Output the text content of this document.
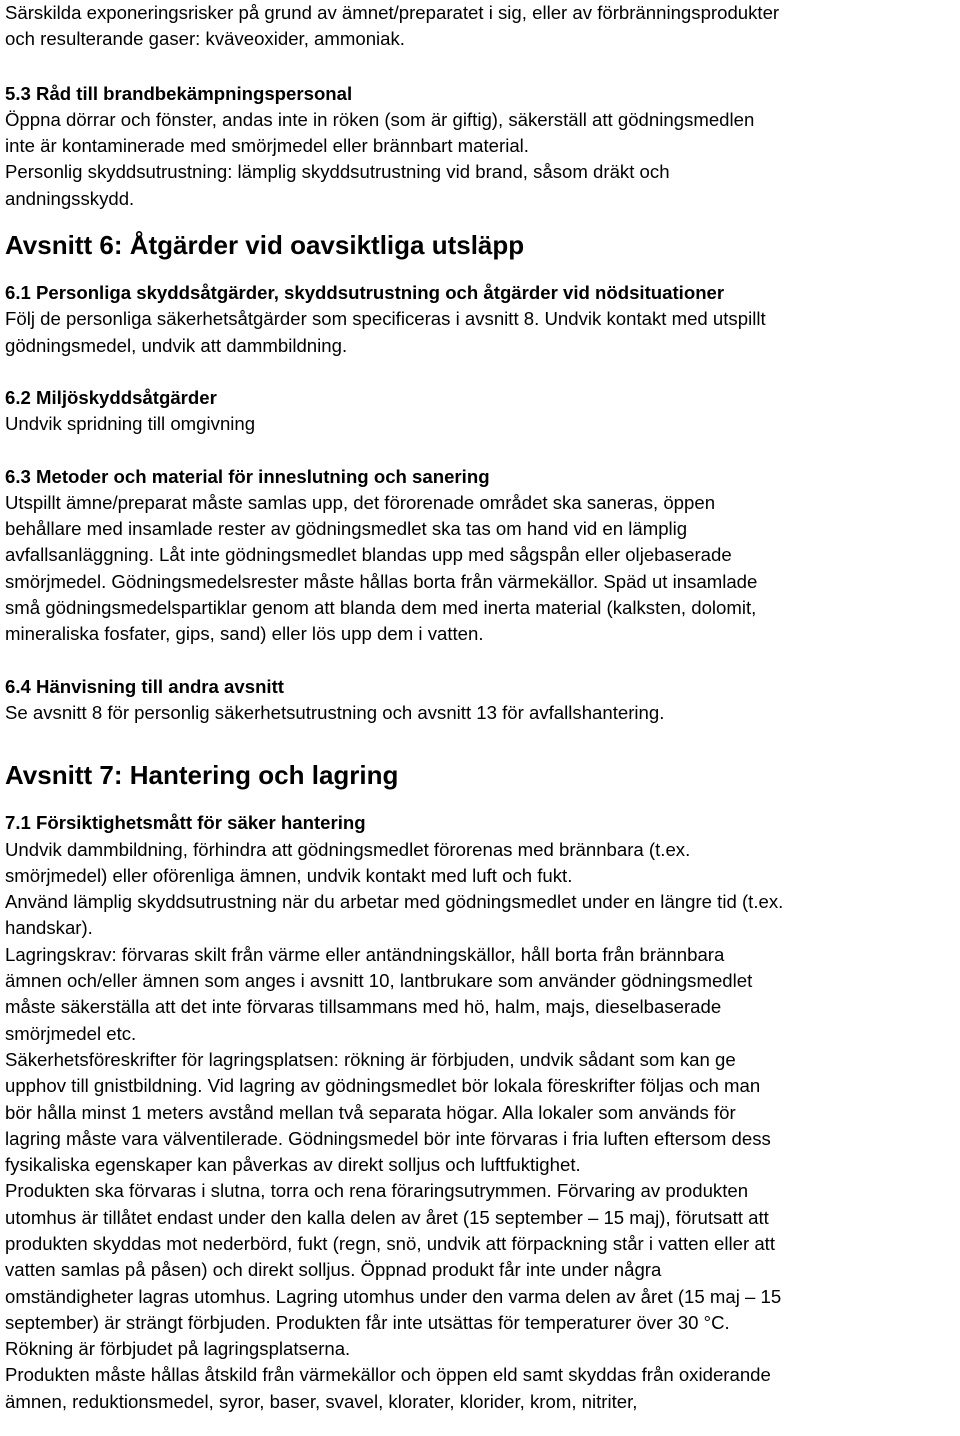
Särskilda exponeringsrisker på grund av ämnet/preparatet i sig, eller av förbränningsprodukter
och resulterande gaser: kväveoxider, ammoniak.

5.3 Råd till brandbekämpningspersonal

Öppna dörrar och fönster, andas inte in röken (som är giftig), säkerställ att gödningsmedlen
inte är kontaminerade med smörjmedel eller brännbart material.
Personlig skyddsutrustning: lämplig skyddsutrustning vid brand, såsom dräkt och
andningsskydd.

Avsnitt 6: Åtgärder vid oavsiktliga utsläpp

6.1 Personliga skyddsåtgärder, skyddsutrustning och åtgärder vid nödsituationer

Följ de personliga säkerhetsåtgärder som specificeras i avsnitt 8. Undvik kontakt med utspillt
gödningsmedel, undvik att dammbildning.

6.2 Miljöskyddsåtgärder

Undvik spridning till omgivning

6.3 Metoder och material för inneslutning och sanering

Utspillt ämne/preparat måste samlas upp, det förorenade området ska saneras, öppen
behållare med insamlade rester av gödningsmedlet ska tas om hand vid en lämplig
avfallsanläggning. Låt inte gödningsmedlet blandas upp med sågspån eller oljebaserade
smörjmedel. Gödningsmedelsrester måste hållas borta från värmekällor. Späd ut insamlade
små gödningsmedelspartiklar genom att blanda dem med inerta material (kalksten, dolomit,
mineraliska fosfater, gips, sand) eller lös upp dem i vatten.

6.4 Hänvisning till andra avsnitt

Se avsnitt 8 för personlig säkerhetsutrustning och avsnitt 13 för avfallshantering.

Avsnitt 7: Hantering och lagring

7.1 Försiktighetsmått för säker hantering

Undvik dammbildning, förhindra att gödningsmedlet förorenas med brännbara (t.ex.
smörjmedel) eller oförenliga ämnen, undvik kontakt med luft och fukt.
Använd lämplig skyddsutrustning när du arbetar med gödningsmedlet under en längre tid (t.ex.
handskar).
Lagringskrav: förvaras skilt från värme eller antändningskällor, håll borta från brännbara
ämnen och/eller ämnen som anges i avsnitt 10, lantbrukare som använder gödningsmedlet
måste säkerställa att det inte förvaras tillsammans med hö, halm, majs, dieselbaserade
smörjmedel etc.
Säkerhetsföreskrifter för lagringsplatsen: rökning är förbjuden, undvik sådant som kan ge
upphov till gnistbildning. Vid lagring av gödningsmedlet bör lokala föreskrifter följas och man
bör hålla minst 1 meters avstånd mellan två separata högar. Alla lokaler som används för
lagring måste vara välventilerade. Gödningsmedel bör inte förvaras i fria luften eftersom dess
fysikaliska egenskaper kan påverkas av direkt solljus och luftfuktighet.
Produkten ska förvaras i slutna, torra och rena föraringsutrymmen. Förvaring av produkten
utomhus är tillåtet endast under den kalla delen av året (15 september – 15 maj), förutsatt att
produkten skyddas mot nederbörd, fukt (regn, snö, undvik att förpackning står i vatten eller att
vatten samlas på påsen) och direkt solljus. Öppnad produkt får inte under några
omständigheter lagras utomhus. Lagring utomhus under den varma delen av året (15 maj – 15
september) är strängt förbjuden. Produkten får inte utsättas för temperaturer över 30 °C.
Rökning är förbjudet på lagringsplatserna.
Produkten måste hållas åtskild från värmekällor och öppen eld samt skyddas från oxiderande
ämnen, reduktionsmedel, syror, baser, svavel, klorater, klorider, krom, nitriter,
